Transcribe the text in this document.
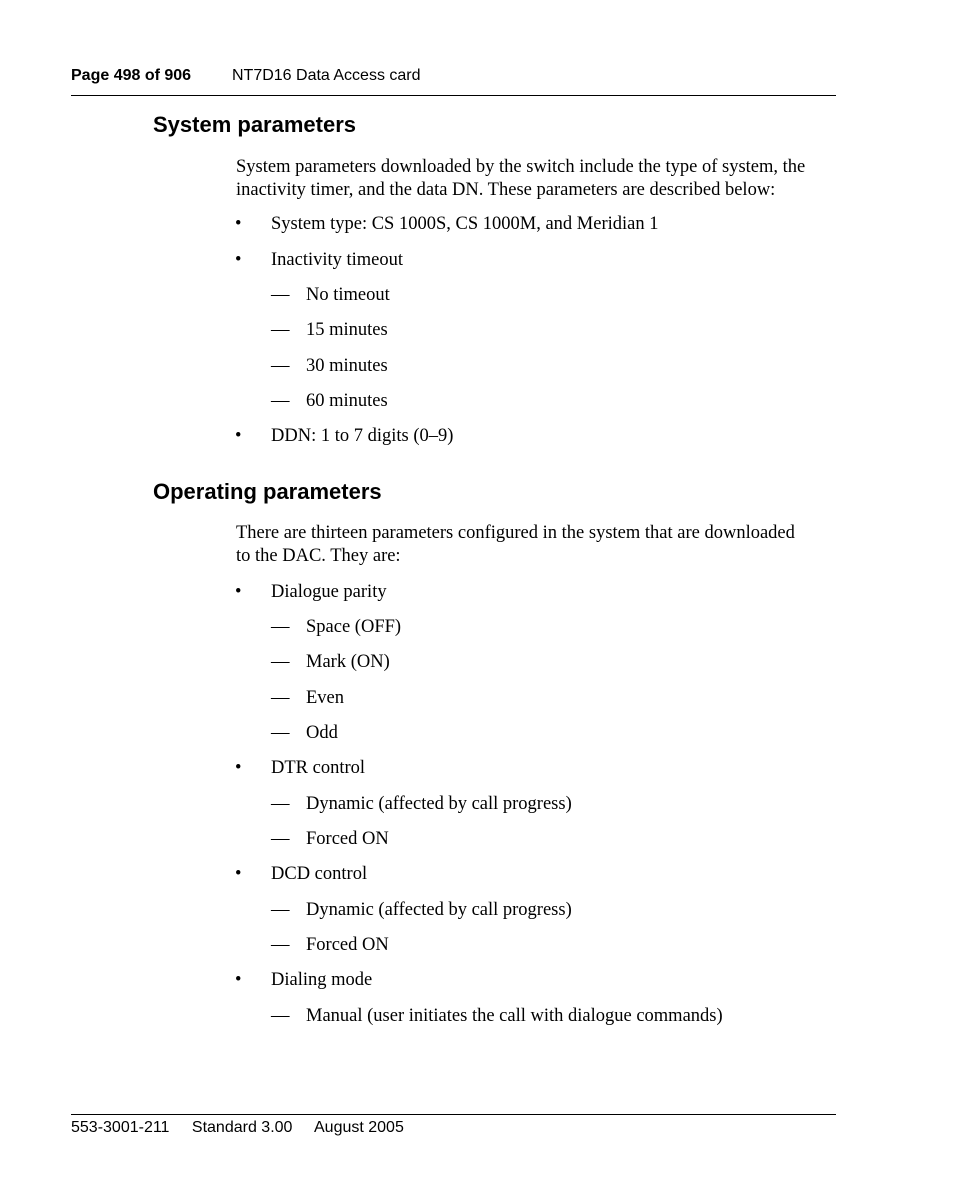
Page 498 of 906	NT7D16 Data Access card
System parameters
System parameters downloaded by the switch include the type of system, the
inactivity timer, and the data DN. These parameters are described below:
• System type: CS 1000S, CS 1000M, and Meridian 1
• Inactivity timeout
— No timeout
— 15 minutes
— 30 minutes
— 60 minutes
• DDN: 1 to 7 digits (0–9)
Operating parameters
There are thirteen parameters configured in the system that are downloaded
to the DAC. They are:
• Dialogue parity
— Space (OFF)
— Mark (ON)
— Even
— Odd
• DTR control
— Dynamic (affected by call progress)
— Forced ON
• DCD control
— Dynamic (affected by call progress)
— Forced ON
• Dialing mode
— Manual (user initiates the call with dialogue commands)
553-3001-211 Standard 3.00 August 2005
